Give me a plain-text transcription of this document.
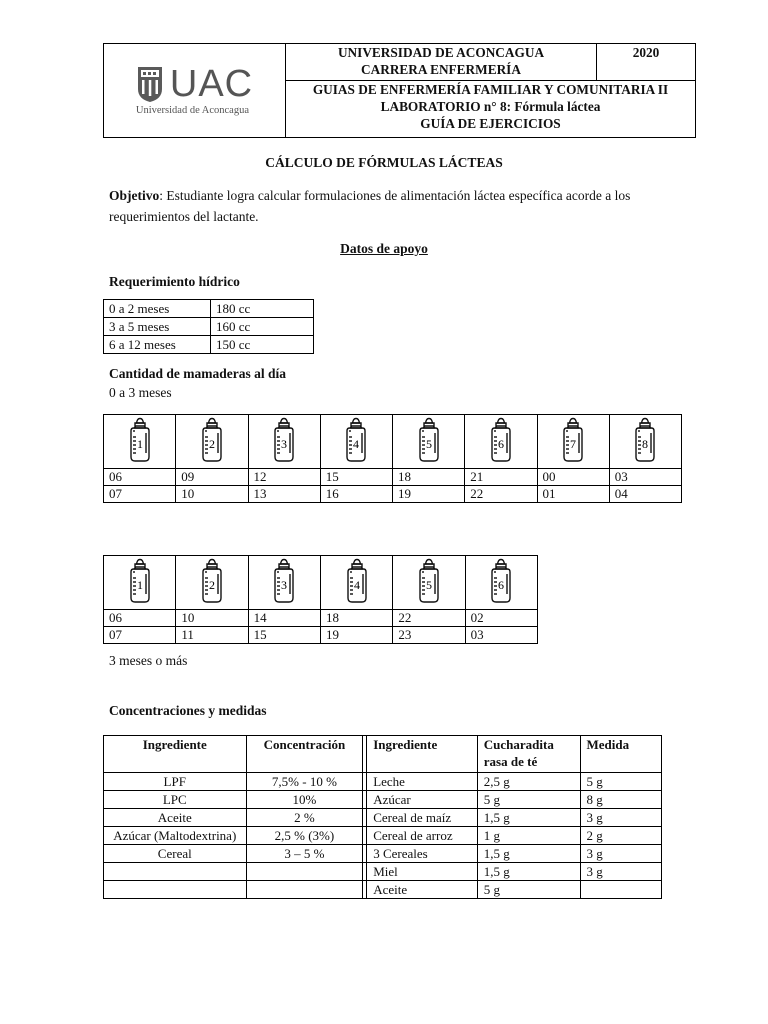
UAC
Universidad de Aconcagua

UNIVERSIDAD DE ACONCAGUA
CARRERA ENFERMERÍA
	2020

GUIAS DE ENFERMERÍA FAMILIAR Y COMUNITARIA II
LABORATORIO n° 8: Fórmula láctea
GUÍA DE EJERCICIOS
CÁLCULO DE FÓRMULAS LÁCTEAS
Objetivo: Estudiante logra calcular formulaciones de alimentación láctea específica acorde a los requerimientos del lactante.
Datos de apoyo
Requerimiento hídrico
0 a 2 meses	180 cc
3 a 5 meses	160 cc
6 a 12 meses	150 cc
Cantidad de mamaderas al día
0 a 3 meses
1	2	3	4	5	6	7	8

06	09	12	15	18	21	00	03
07	10	13	16	19	22	01	04
1	2	3	4	5	6

06	10	14	18	22	02
07	11	15	19	23	03
3 meses o más
Concentraciones y medidas
Ingrediente	Concentración		Ingrediente	Cucharadita rasa de té	Medida
LPF	7,5% - 10 %		Leche	2,5 g	5 g
LPC	10%		Azúcar	5 g	8 g
Aceite	2 %		Cereal de maíz	1,5 g	3 g
Azúcar (Maltodextrina)	2,5 % (3%)		Cereal de arroz	1 g	2 g
Cereal	3 – 5 %		3 Cereales	1,5 g	3 g
			Miel	1,5 g	3 g
			Aceite	5 g	
